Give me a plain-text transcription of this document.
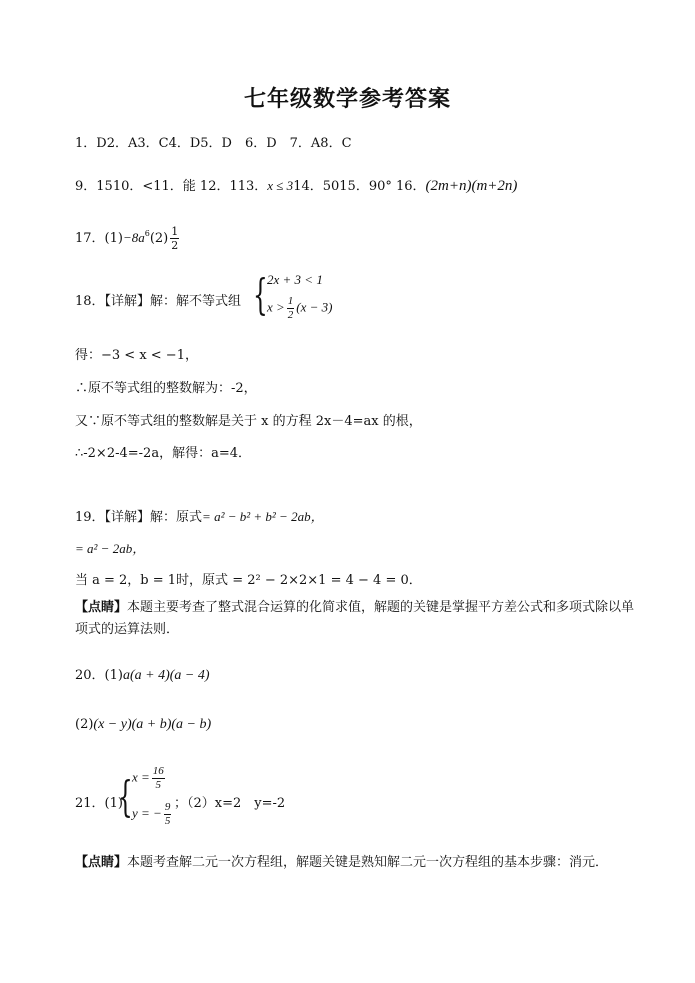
七年级数学参考答案
1．D2．A3．C4．D5．D　6．D　7．A8．C
9．1510．<11．能 12．113．x ≤ 314．5015．90° 16．(2m+n)(m+2n)
17．$(1)-8a^6(2) \frac{1}{2}$
18．【详解】解：解不等式组 { 2x + 3 < 1
$x > \frac{1}{2} (x - 3)$
得：−3 < x < −1，
∴原不等式组的整数解为：-2，
又∵原不等式组的整数解是关于 x 的方程 2x－4=ax 的根，
∴-2×2-4=-2a，解得：a=4．
19．【详解】解：原式= a² − b² + b² − 2ab，
= a² − 2ab，
当 a = 2，b = 1时，原式 = 2² − 2×2×1 = 4 − 4 = 0．
【点睛】本题主要考查了整式混合运算的化简求值，解题的关键是掌握平方差公式和多项式除以单项式的运算法则．
20．(1)a(a + 4)(a − 4)
(2)(x − y)(a + b)(a − b)
21．(1)
{ $x = \frac{16}{5}$
y = − $\frac{9}{5}$ ；（2）x=2　y=-2
【点睛】本题考查解二元一次方程组，解题关键是熟知解二元一次方程组的基本步骤：消元．
